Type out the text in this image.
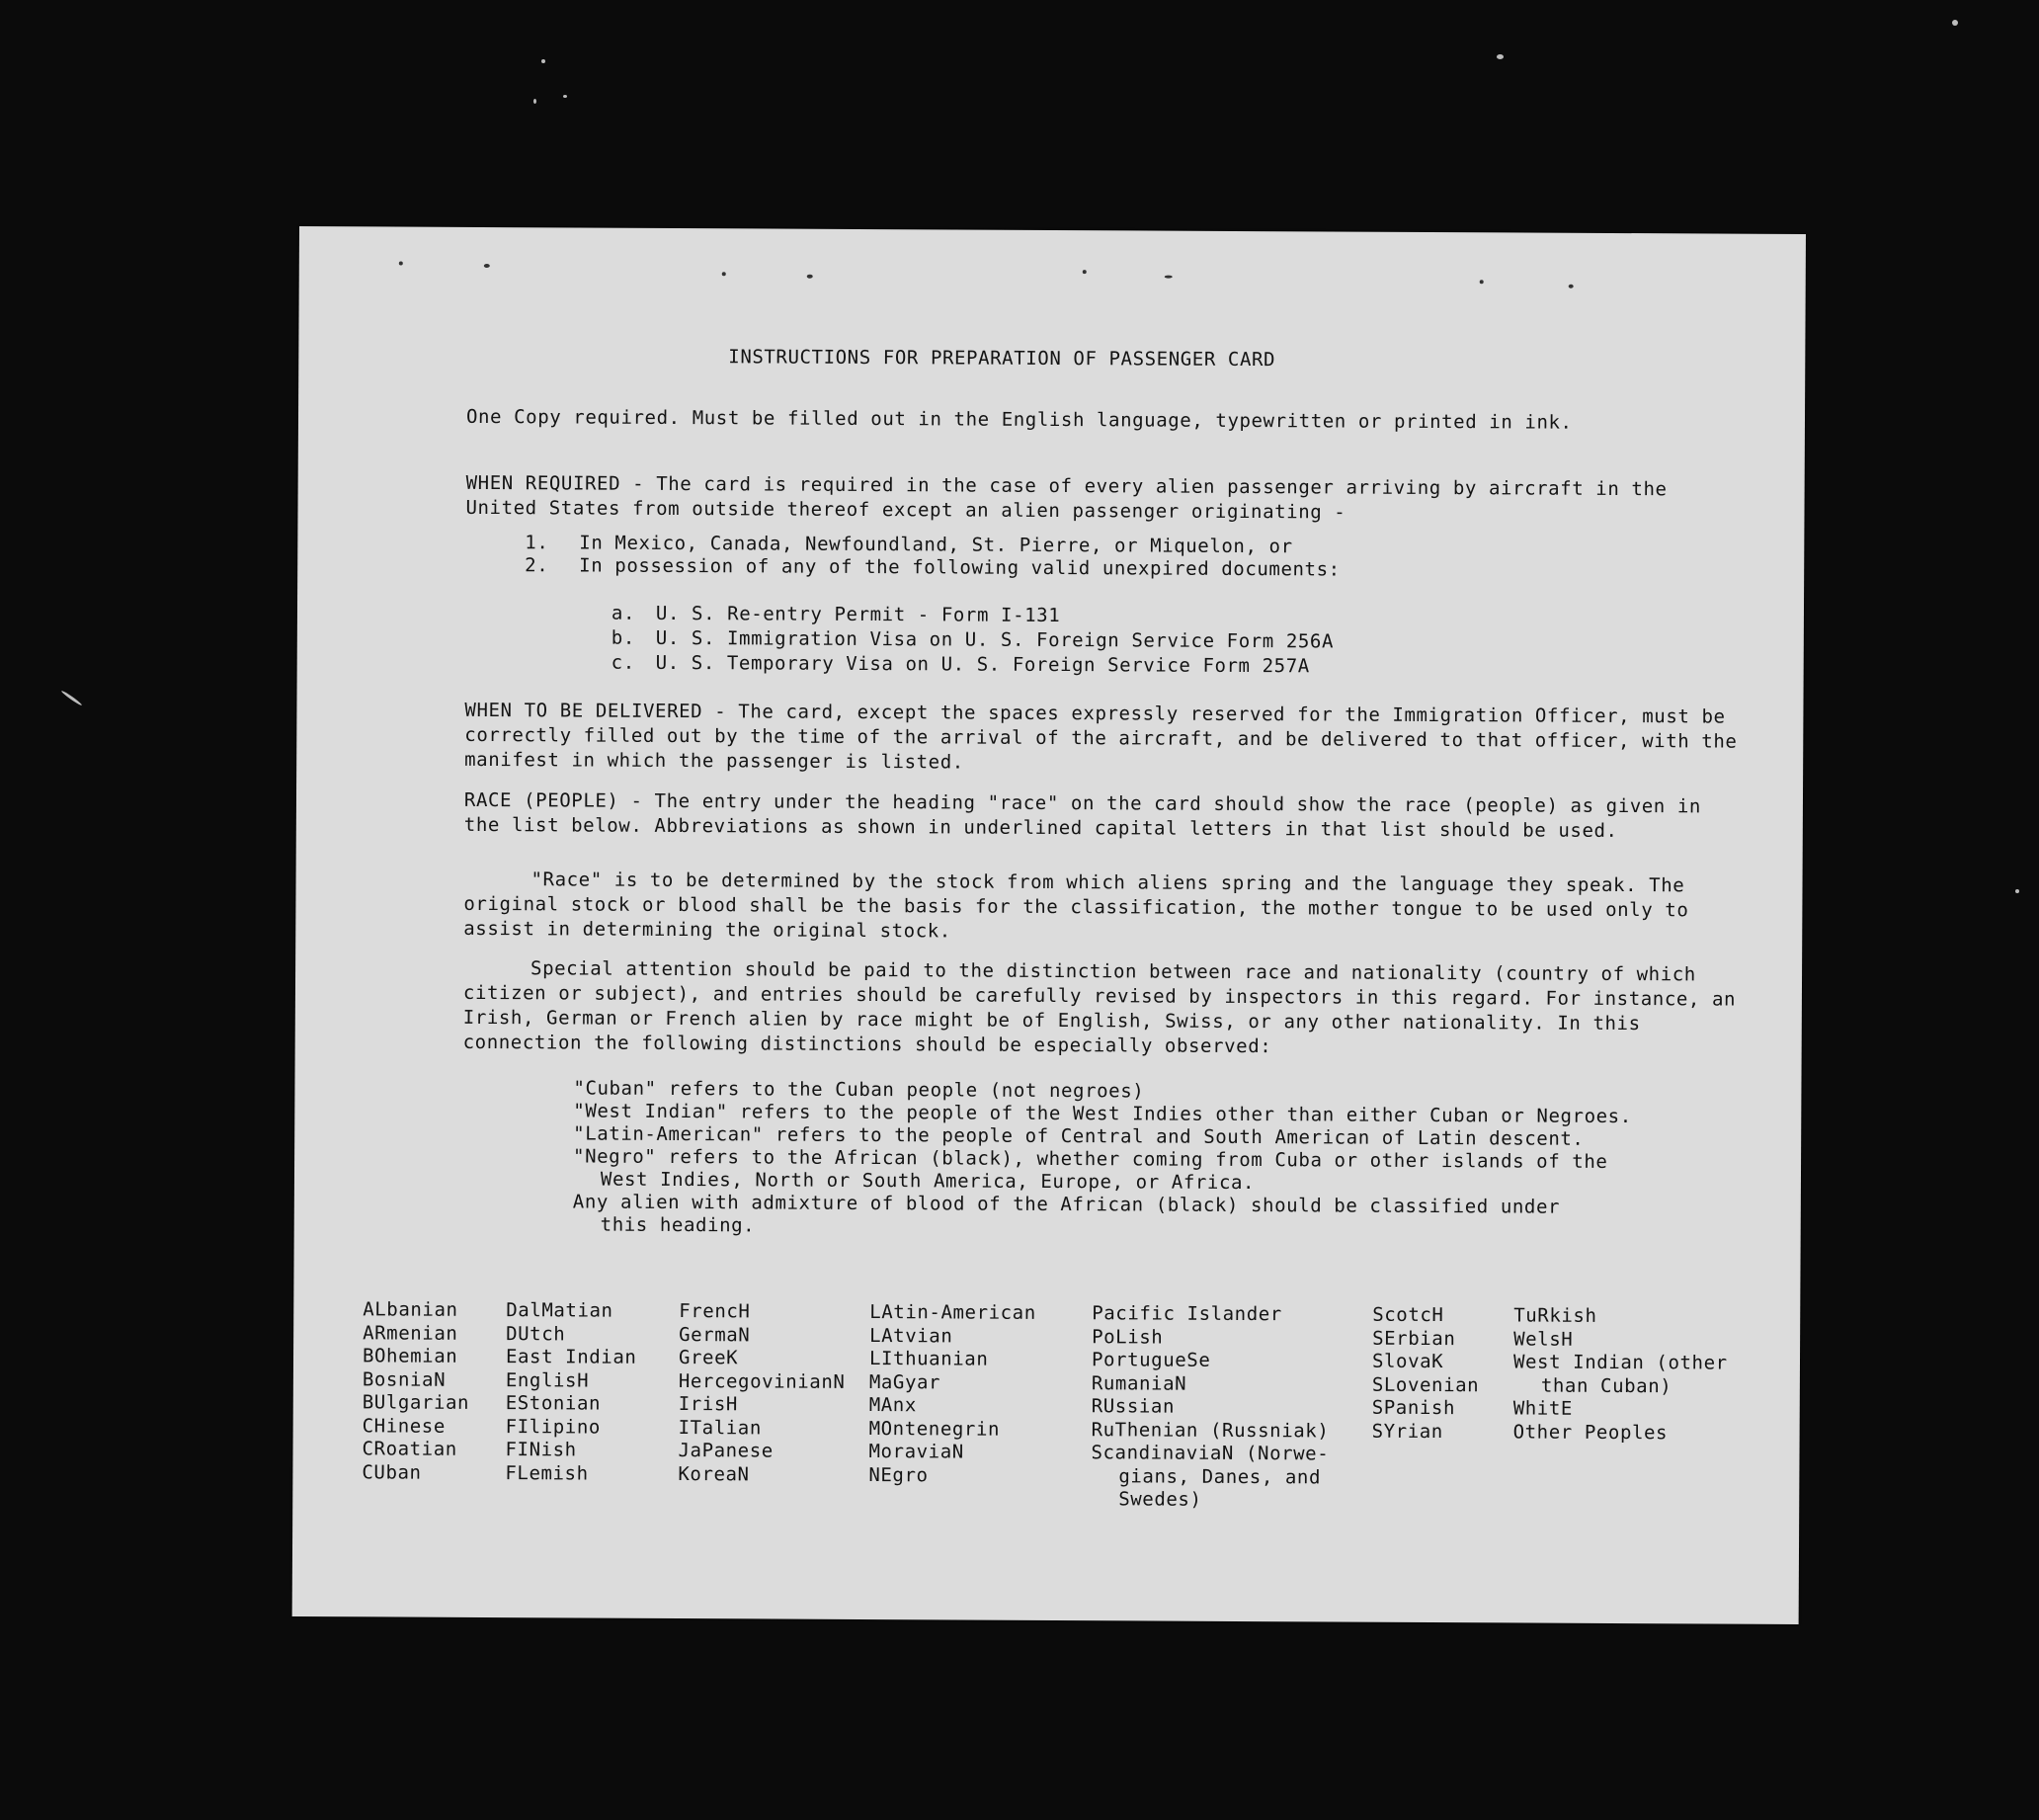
INSTRUCTIONS FOR PREPARATION OF PASSENGER CARD

One Copy required. Must be filled out in the English language, typewritten or printed in ink.

WHEN REQUIRED - The card is required in the case of every alien passenger arriving by aircraft in the United States from outside thereof except an alien passenger originating -

1. In Mexico, Canada, Newfoundland, St. Pierre, or Miquelon, or
2. In possession of any of the following valid unexpired documents:
a. U. S. Re-entry Permit - Form I-131
b. U. S. Immigration Visa on U. S. Foreign Service Form 256A
c. U. S. Temporary Visa on U. S. Foreign Service Form 257A

WHEN TO BE DELIVERED - The card, except the spaces expressly reserved for the Immigration Officer, must be correctly filled out by the time of the arrival of the aircraft, and be delivered to that officer, with the manifest in which the passenger is listed.

RACE (PEOPLE) - The entry under the heading "race" on the card should show the race (people) as given in the list below. Abbreviations as shown in underlined capital letters in that list should be used.

"Race" is to be determined by the stock from which aliens spring and the language they speak. The original stock or blood shall be the basis for the classification, the mother tongue to be used only to assist in determining the original stock.

Special attention should be paid to the distinction between race and nationality (country of which citizen or subject), and entries should be carefully revised by inspectors in this regard. For instance, an Irish, German or French alien by race might be of English, Swiss, or any other nationality. In this connection the following distinctions should be especially observed:

"Cuban" refers to the Cuban people (not negroes)
"West Indian" refers to the people of the West Indies other than either Cuban or Negroes.
"Latin-American" refers to the people of Central and South American of Latin descent.
"Negro" refers to the African (black), whether coming from Cuba or other islands of the
West Indies, North or South America, Europe, or Africa.
Any alien with admixture of blood of the African (black) should be classified under
this heading.
ALbanian
ARmenian
BOhemian
BosniaN
BUlgarian
CHinese
CRoatian
CUban
DalMatian
DUtch
East Indian
EnglisH
EStonian
FIlipino
FINish
FLemish
FrencH
GermaN
GreeK
HercegovinianN
IrisH
ITalian
JaPanese
KoreaN
LAtin-American
LAtvian
LIthuanian
MaGyar
MAnx
MOntenegrin
MoraviaN
NEgro
Pacific Islander
PoLish
PortugueSe
RumaniaN
RUssian
RuThenian (Russniak)
ScandinaviaN (Norwe-
gians, Danes, and
Swedes)
ScotcH
SErbian
SlovaK
SLovenian
SPanish
SYrian
TuRkish
WelsH
West Indian (other
than Cuban)
WhitE
Other Peoples
